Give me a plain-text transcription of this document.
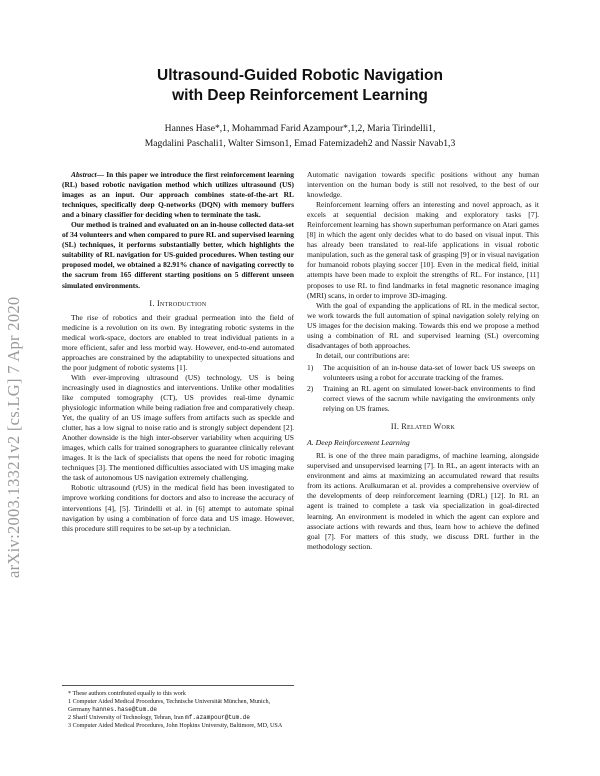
arXiv:2003.13321v2 [cs.LG] 7 Apr 2020
Ultrasound-Guided Robotic Navigation
with Deep Reinforcement Learning
Hannes Hase*,1, Mohammad Farid Azampour*,1,2, Maria Tirindelli1,
Magdalini Paschali1, Walter Simson1, Emad Fatemizadeh2 and Nassir Navab1,3

Abstract— In this paper we introduce the first reinforcement learning (RL) based robotic navigation method which utilizes ultrasound (US) images as an input. Our approach combines state-of-the-art RL techniques, specifically deep Q-networks (DQN) with memory buffers and a binary classifier for deciding when to terminate the task.

Our method is trained and evaluated on an in-house collected data-set of 34 volunteers and when compared to pure RL and supervised learning (SL) techniques, it performs substantially better, which highlights the suitability of RL navigation for US-guided procedures. When testing our proposed model, we obtained a 82.91% chance of navigating correctly to the sacrum from 165 different starting positions on 5 different unseen simulated environments.

I. Introduction

The rise of robotics and their gradual permeation into the field of medicine is a revolution on its own. By integrating robotic systems in the medical work-space, doctors are enabled to treat individual patients in a more efficient, safer and less morbid way. However, end-to-end automated approaches are constrained by the adaptability to unexpected situations and the poor judgment of robotic systems [1].

With ever-improving ultrasound (US) technology, US is being increasingly used in diagnostics and interventions. Unlike other modalities like computed tomography (CT), US provides real-time dynamic physiologic information while being radiation free and comparatively cheap. Yet, the quality of an US image suffers from artifacts such as speckle and clutter, has a low signal to noise ratio and is strongly subject dependent [2]. Another downside is the high inter-observer variability when acquiring US images, which calls for trained sonographers to guarantee clinically relevant images. It is the lack of specialists that opens the need for robotic imaging techniques [3]. The mentioned difficulties associated with US imaging make the task of autonomous US navigation extremely challenging.

Robotic ultrasound (rUS) in the medical field has been investigated to improve working conditions for doctors and also to increase the accuracy of interventions [4], [5]. Tirindelli et al. in [6] attempt to automate spinal navigation by using a combination of force data and US image. However, this procedure still requires to be set-up by a technician.

* These authors contributed equally to this work
1 Computer Aided Medical Procedures, Technische Universität München, Munich, Germany hannes.hase@tum.de
2 Sharif University of Technology, Tehran, Iran mf.azampour@tum.de
3 Computer Aided Medical Procedures, John Hopkins University, Baltimore, MD, USA

Automatic navigation towards specific positions without any human intervention on the human body is still not resolved, to the best of our knowledge.

Reinforcement learning offers an interesting and novel approach, as it excels at sequential decision making and exploratory tasks [7]. Reinforcement learning has shown superhuman performance on Atari games [8] in which the agent only decides what to do based on visual input. This has already been translated to real-life applications in visual robotic manipulation, such as the general task of grasping [9] or in visual navigation for humanoid robots playing soccer [10]. Even in the medical field, initial attempts have been made to exploit the strengths of RL. For instance, [11] proposes to use RL to find landmarks in fetal magnetic resonance imaging (MRI) scans, in order to improve 3D-imaging.

With the goal of expanding the applications of RL in the medical sector, we work towards the full automation of spinal navigation solely relying on US images for the decision making. Towards this end we propose a method using a combination of RL and supervised learning (SL) overcoming disadvantages of both approaches.

In detail, our contributions are:

1) The acquisition of an in-house data-set of lower back US sweeps on volunteers using a robot for accurate tracking of the frames.
2) Training an RL agent on simulated lower-back environments to find correct views of the sacrum while navigating the environments only relying on US frames.
II. Related Work
A. Deep Reinforcement Learning

RL is one of the three main paradigms, of machine learning, alongside supervised and unsupervised learning [7]. In RL, an agent interacts with an environment and aims at maximizing an accumulated reward that results from its actions. Arulkumaran et al. provides a comprehensive overview of the developments of deep reinforcement learning (DRL) [12]. In RL an agent is trained to complete a task via specialization in goal-directed learning. An environment is modeled in which the agent can explore and associate actions with rewards and thus, learn how to achieve the defined goal [7]. For matters of this study, we discuss DRL further in the methodology section.
